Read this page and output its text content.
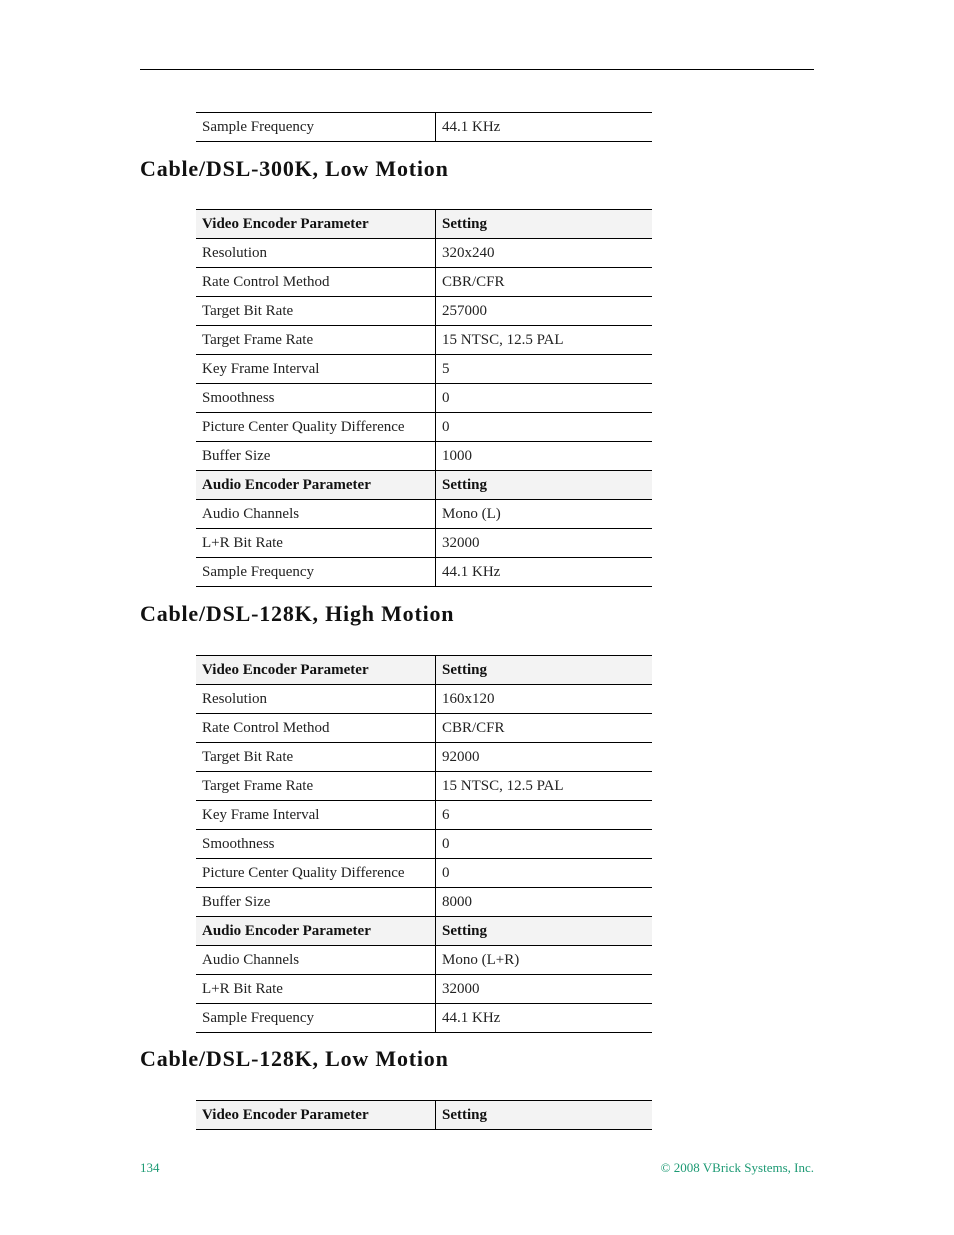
Sample Frequency	44.1 KHz
Cable/DSL-300K, Low Motion
Video Encoder Parameter	Setting
Resolution	320x240
Rate Control Method	CBR/CFR
Target Bit Rate	257000
Target Frame Rate	15 NTSC, 12.5 PAL
Key Frame Interval	5
Smoothness	0
Picture Center Quality Difference	0
Buffer Size	1000
Audio Encoder Parameter	Setting
Audio Channels	Mono (L)
L+R Bit Rate	32000
Sample Frequency	44.1 KHz
Cable/DSL-128K, High Motion
Video Encoder Parameter	Setting
Resolution	160x120
Rate Control Method	CBR/CFR
Target Bit Rate	92000
Target Frame Rate	15 NTSC, 12.5 PAL
Key Frame Interval	6
Smoothness	0
Picture Center Quality Difference	0
Buffer Size	8000
Audio Encoder Parameter	Setting
Audio Channels	Mono (L+R)
L+R Bit Rate	32000
Sample Frequency	44.1 KHz
Cable/DSL-128K, Low Motion
Video Encoder Parameter	Setting
134	© 2008 VBrick Systems, Inc.
